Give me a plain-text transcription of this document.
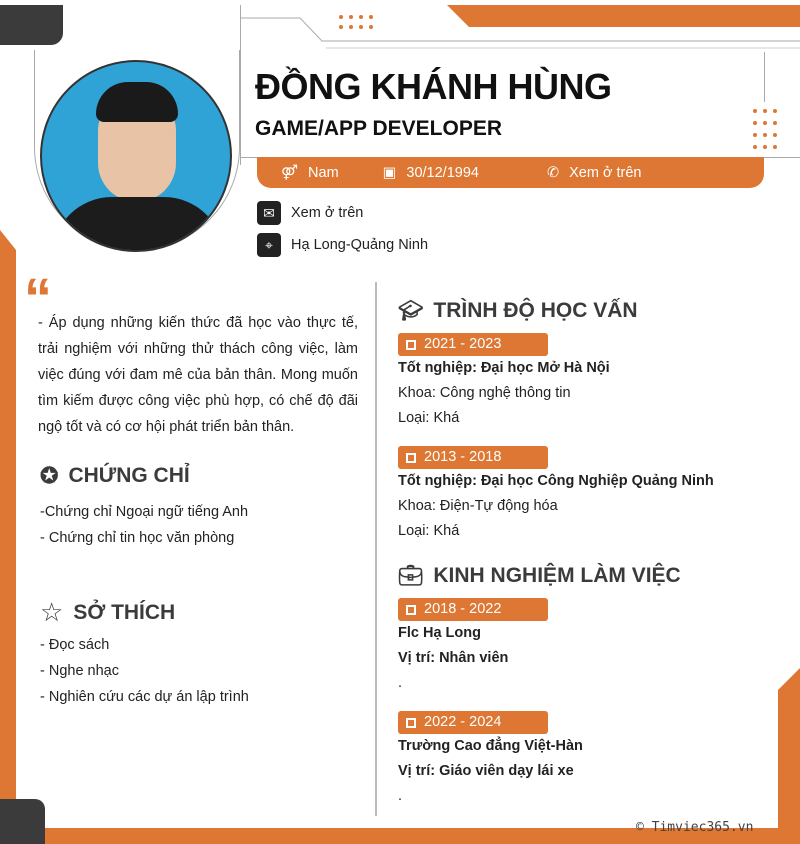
ĐỒNG KHÁNH HÙNG
GAME/APP DEVELOPER
⚤ Nam	▣ 30/12/1994	✆ Xem ở trên
✉	Xem ở trên
⌖	Hạ Long-Quảng Ninh
“
- Áp dụng những kiến thức đã học vào thực tế, trải nghiệm với những thử thách công việc, làm việc đúng với đam mê của bản thân. Mong muốn tìm kiếm được công việc phù hợp, có chế độ đãi ngộ tốt và có cơ hội phát triển bản thân.
✪ CHỨNG CHỈ
-Chứng chỉ Ngoại ngữ tiếng Anh
- Chứng chỉ tin học văn phòng
☆ SỞ THÍCH
- Đọc sách
- Nghe nhạc
- Nghiên cứu các dự án lập trình
🎓︎ TRÌNH ĐỘ HỌC VẤN
2021 - 2023
Tốt nghiệp: Đại học Mở Hà Nội
Khoa: Công nghệ thông tin
Loại: Khá
2013 - 2018
Tốt nghiệp: Đại học Công Nghiệp Quảng Ninh
Khoa: Điện-Tự động hóa
Loại: Khá
💼︎ KINH NGHIỆM LÀM VIỆC
2018 - 2022
Flc Hạ Long
Vị trí: Nhân viên
.
2022 - 2024
Trường Cao đẳng Việt-Hàn
Vị trí: Giáo viên dạy lái xe
.
© Timviec365.vn
